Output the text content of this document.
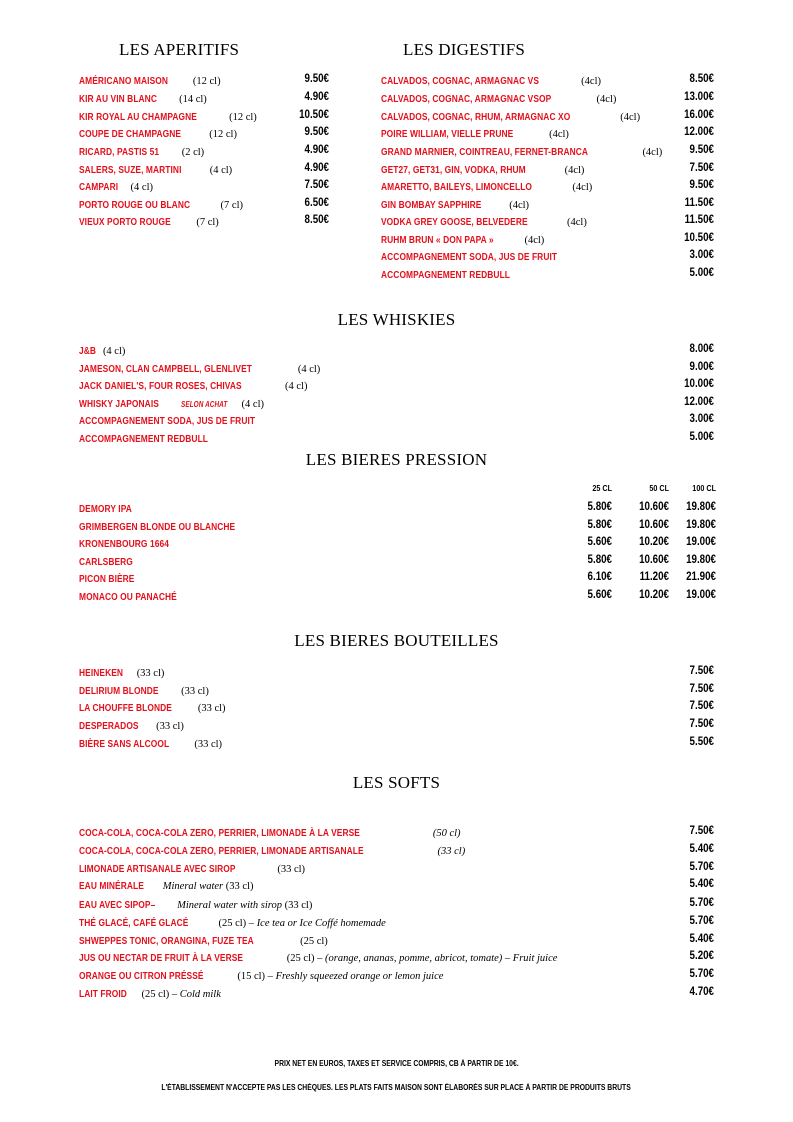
LES APERITIFS	LES DIGESTIFS
LES WHISKIES
LES BIERES PRESSION
LES BIERES BOUTEILLES
LES SOFTS
AMÉRICANO MAISON (12 cl)	9.50€
KIR AU VIN BLANC (14 cl)	4.90€
KIR ROYAL AU CHAMPAGNE	(12 cl)	10.50€
COUPE DE CHAMPAGNE (12 cl)	9.50€
RICARD, PASTIS 51 (2 cl)	4.90€
SALERS, SUZE, MARTINI (4 cl)	4.90€
CAMPARI (4 cl)	7.50€
PORTO ROUGE OU BLANC	(7 cl)	6.50€
VIEUX PORTO ROUGE (7 cl)	8.50€
CALVADOS, COGNAC, ARMAGNAC VS	(4cl)	8.50€
CALVADOS, COGNAC, ARMAGNAC VSOP	(4cl)	13.00€
CALVADOS, COGNAC, RHUM, ARMAGNAC XO	(4cl)	16.00€
POIRE WILLIAM, VIELLE PRUNE	(4cl)	12.00€
GRAND MARNIER, COINTREAU, FERNET-BRANCA	(4cl)	9.50€
GET27, GET31, GIN, VODKA, RHUM	(4cl)	7.50€
AMARETTO, BAILEYS, LIMONCELLO	(4cl)	9.50€
GIN BOMBAY SAPPHIRE (4cl)	11.50€
VODKA GREY GOOSE, BELVEDERE	(4cl)	11.50€
RUHM BRUN « DON PAPA »	(4cl)	10.50€
ACCOMPAGNEMENT SODA, JUS DE FRUIT	3.00€
ACCOMPAGNEMENT REDBULL	5.00€
J&B (4 cl)	8.00€
JAMESON, CLAN CAMPBELL, GLENLIVET	(4 cl)	9.00€
JACK DANIEL'S, FOUR ROSES, CHIVAS	(4 cl)	10.00€
WHISKY JAPONAIS	SELON ACHAT (4 cl)	12.00€
ACCOMPAGNEMENT SODA, JUS DE FRUIT	3.00€
ACCOMPAGNEMENT REDBULL	5.00€
25 CL	50 CL	100 CL
DEMORY IPA	5.80€	10.60€	19.80€
GRIMBERGEN BLONDE OU BLANCHE	5.80€	10.60€	19.80€
KRONENBOURG 1664	5.60€	10.20€	19.00€
CARLSBERG	5.80€	10.60€	19.80€
PICON BIÈRE	6.10€	11.20€	21.90€
MONACO OU PANACHÉ	5.60€	10.20€	19.00€
HEINEKEN (33 cl)	7.50€
DELIRIUM BLONDE (33 cl)	7.50€
LA CHOUFFE BLONDE (33 cl)	7.50€
DESPERADOS (33 cl)	7.50€
BIÈRE SANS ALCOOL (33 cl)	5.50€
COCA-COLA, COCA-COLA ZERO, PERRIER, LIMONADE À LA VERSE	(50 cl)	7.50€
COCA-COLA, COCA-COLA ZERO, PERRIER, LIMONADE ARTISANALE	(33 cl)	5.40€
LIMONADE ARTISANALE AVEC SIROP	(33 cl)	5.70€
EAU MINÉRALE Mineral water (33 cl)	5.40€
EAU AVEC SIPOP– Mineral water with sirop (33 cl)	5.70€
THÉ GLACÉ, CAFÉ GLACÉ	(25 cl) – Ice tea or Ice Coffé homemade	5.70€
SHWEPPES TONIC, ORANGINA, FUZE TEA	(25 cl)	5.40€
JUS OU NECTAR DE FRUIT À LA VERSE	(25 cl) – (orange, ananas, pomme, abricot, tomate) – Fruit juice	5.20€
ORANGE OU CITRON PRÉSSÉ	(15 cl) – Freshly squeezed orange or lemon juice	5.70€
LAIT FROID (25 cl) – Cold milk	4.70€
PRIX NET EN EUROS, TAXES ET SERVICE COMPRIS, CB À PARTIR DE 10€.
L'ÉTABLISSEMENT N'ACCEPTE PAS LES CHÈQUES. LES PLATS FAITS MAISON SONT ÉLABORÉS SUR PLACE À PARTIR DE PRODUITS BRUTS
